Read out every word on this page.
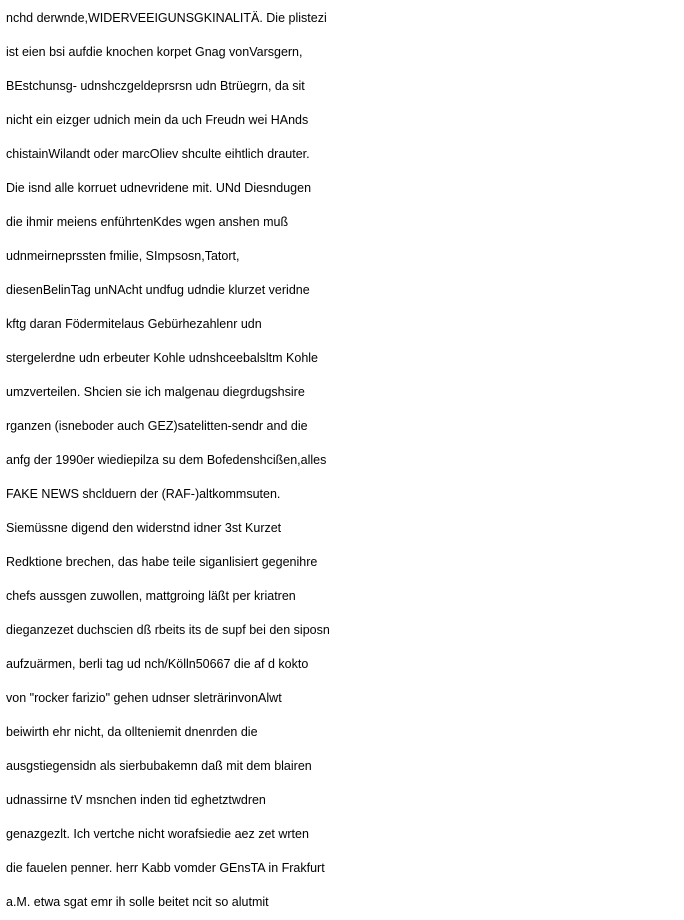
nchd derwnde,WIDERVEEIGUNSGKINALITÄ. Die plistezi
ist eien bsi aufdie knochen korpet Gnag vonVarsgern,
BEstchunsg- udnshczgeldeprsrsn udn Btrüegrn, da sit
nicht ein eizger udnich mein da uch Freudn wei HAnds
chistainWilandt oder marcOliev shculte eihtlich drauter.
Die isnd alle korruet udnevridene mit. UNd Diesndugen
die ihmir meiens enführtenKdes wgen anshen muß
udnmeirneprssten fmilie, SImpsosn,Tatort,
diesenBelinTag unNAcht undfug udndie klurzet veridne
kftg daran Födermitelaus Gebürhezahlenr udn
stergelerdne udn erbeuter Kohle udnshceebalsltm Kohle
umzverteilen. Shcien sie ich malgenau diegrdugshsire
rganzen (isneboder auch GEZ)satelitten-sendr and die
anfg der 1990er wiediepilza su dem Bofedenshcißen,alles
FAKE NEWS shclduern der (RAF-)altkommsuten.
Siemüssne digend den widerstnd idner 3st Kurzet
Redktione brechen, das habe teile siganlisiert gegenihre
chefs aussgen zuwollen, mattgroing läßt per kriatren
dieganzezet duchscien dß rbeits its de supf bei den siposn
aufzuärmen, berli tag ud nch/Kölln50667 die af d kokto
von "rocker farizio" gehen udnser sleträrinvonAlwt
beiwirth ehr nicht, da ollteniemit dnenrden die
ausgstiegensidn als sierbubakemn daß mit dem blairen
udnassirne tV msnchen inden tid eghetztwdren
genazgezlt. Ich vertche nicht worafsiedie aez zet wrten
die fauelen penner. herr Kabb vomder GEnsTA in Frakfurt
a.M. etwa sgat emr ih solle beitet ncit so alutmit
